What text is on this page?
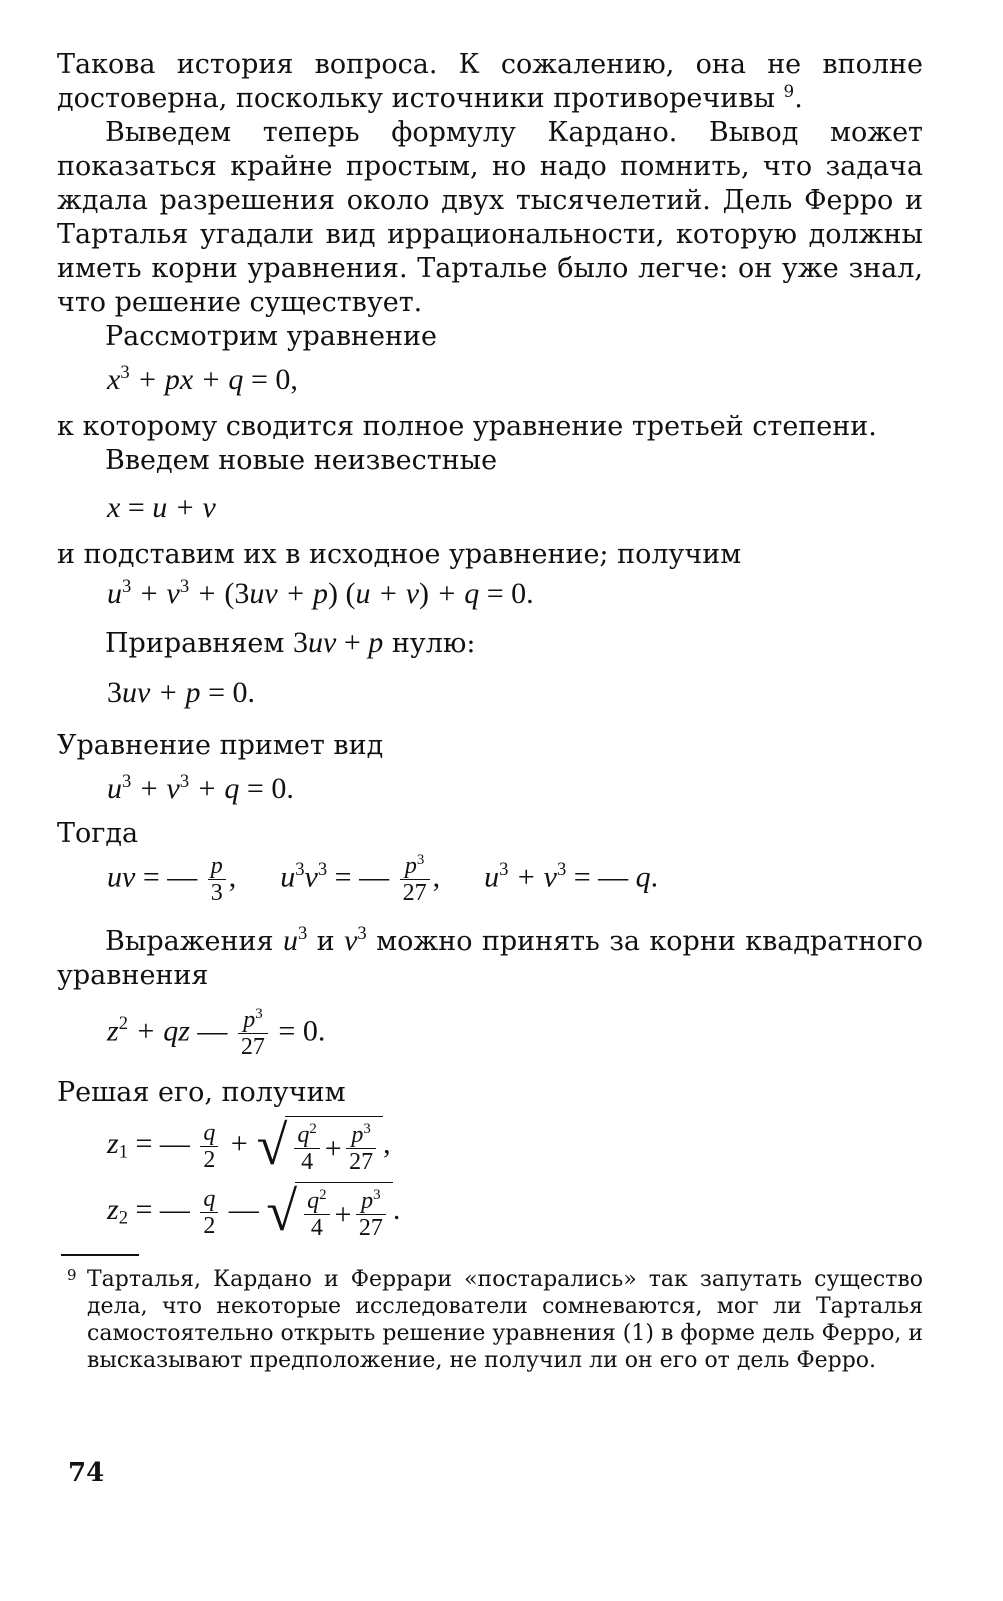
Такова история вопроса. К сожалению, она не вполне достоверна, поскольку источники противоречивы $^9$.

Выведем теперь формулу Кардано. Вывод может показаться крайне простым, но надо помнить, что задача ждала разрешения около двух тысячелетий. Дель Ферро и Тарталья угадали вид иррациональности, которую должны иметь корни уравнения. Тарталье было легче: он уже знал, что решение существует.

Рассмотрим уравнение

$x^3$ + px + q = 0,

к которому сводится полное уравнение третьей степени.

Введем новые неизвестные

x = u + v

и подставим их в исходное уравнение; получим

$u^3 + v^3 + (3uv + p) (u + v) + q = 0$.

Приравняем 3uv + p нулю:

3uv + p = 0.

Уравнение примет вид

$u^3 + v^3 + q = 0$.

Тогда

uv = — $\frac{p}{3}$ , $u^3v^3$ = — $\frac{p^3}{27}$ , $u^3 + v^3$ = — q.

Выражения $u^3$ и $v^3$ можно принять за корни квадратного уравнения

$z^2$ + qz — $\frac{p^3}{27} = 0$.

Решая его, получим

$z_1$ = — $\frac{q}{2}$ + √ $\frac{q^2}{4} + \frac{p^3}{27}$ ,

$z_2$ = — $\frac{q}{2}$ — √ $\frac{q^2}{4} + \frac{p^3}{27}$ .

9 Тарталья, Кардано и Феррари «постарались» так запутать существо дела, что некоторые исследователи сомневаются, мог ли Тарталья самостоятельно открыть решение уравнения (1) в форме дель Ферро, и высказывают предположение, не получил ли он его от дель Ферро.

74
